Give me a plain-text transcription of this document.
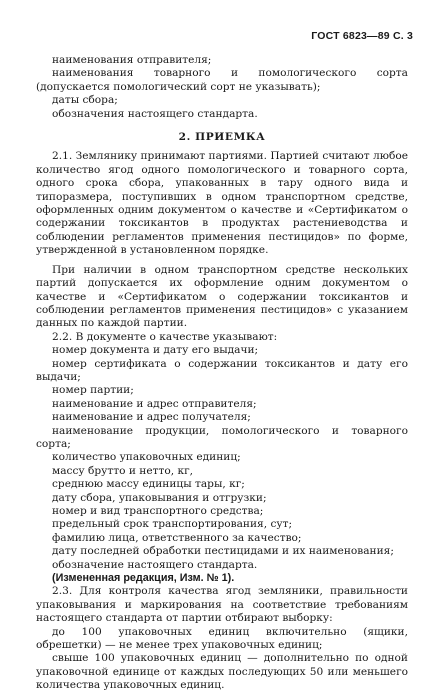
ГОСТ 6823—89 С. 3

наименования отправителя;

наименования товарного и помологического сорта (допускается помологический сорт не указывать);

даты сбора;

обозначения настоящего стандарта.

2. ПРИЕМКА

2.1. Землянику принимают партиями. Партией считают любое количество ягод одного помологического и товарного сорта, одного срока сбора, упакованных в тару одного вида и типоразмера, поступивших в одном транспортном средстве, оформленных одним документом о качестве и «Сертификатом о содержании токсикантов в продуктах растениеводства и соблюдении регламентов применения пестицидов» по форме, утвержденной в установленном порядке.

При наличии в одном транспортном средстве нескольких партий допускается их оформление одним документом о качестве и «Сертификатом о содержании токсикантов и соблюдении регламентов применения пестицидов» с указанием данных по каждой партии.

2.2. В документе о качестве указывают:

номер документа и дату его выдачи;

номер сертификата о содержании токсикантов и дату его выдачи;

номер партии;

наименование и адрес отправителя;

наименование и адрес получателя;

наименование продукции, помологического и товарного сорта;

количество упаковочных единиц;

массу брутто и нетто, кг,

среднюю массу единицы тары, кг;

дату сбора, упаковывания и отгрузки;

номер и вид транспортного средства;

предельный срок транспортирования, сут;

фамилию лица, ответственного за качество;

дату последней обработки пестицидами и их наименования;

обозначение настоящего стандарта.

(Измененная редакция, Изм. № 1).

2.3. Для контроля качества ягод земляники, правильности упаковывания и маркирования на соответствие требованиям настоящего стандарта от партии отбирают выборку:

до 100 упаковочных единиц включительно (ящики, обрешетки) — не менее трех упаковочных единиц;

свыше 100 упаковочных единиц — дополнительно по одной упаковочной единице от каждых последующих 50 или меньшего количества упаковочных единиц.
